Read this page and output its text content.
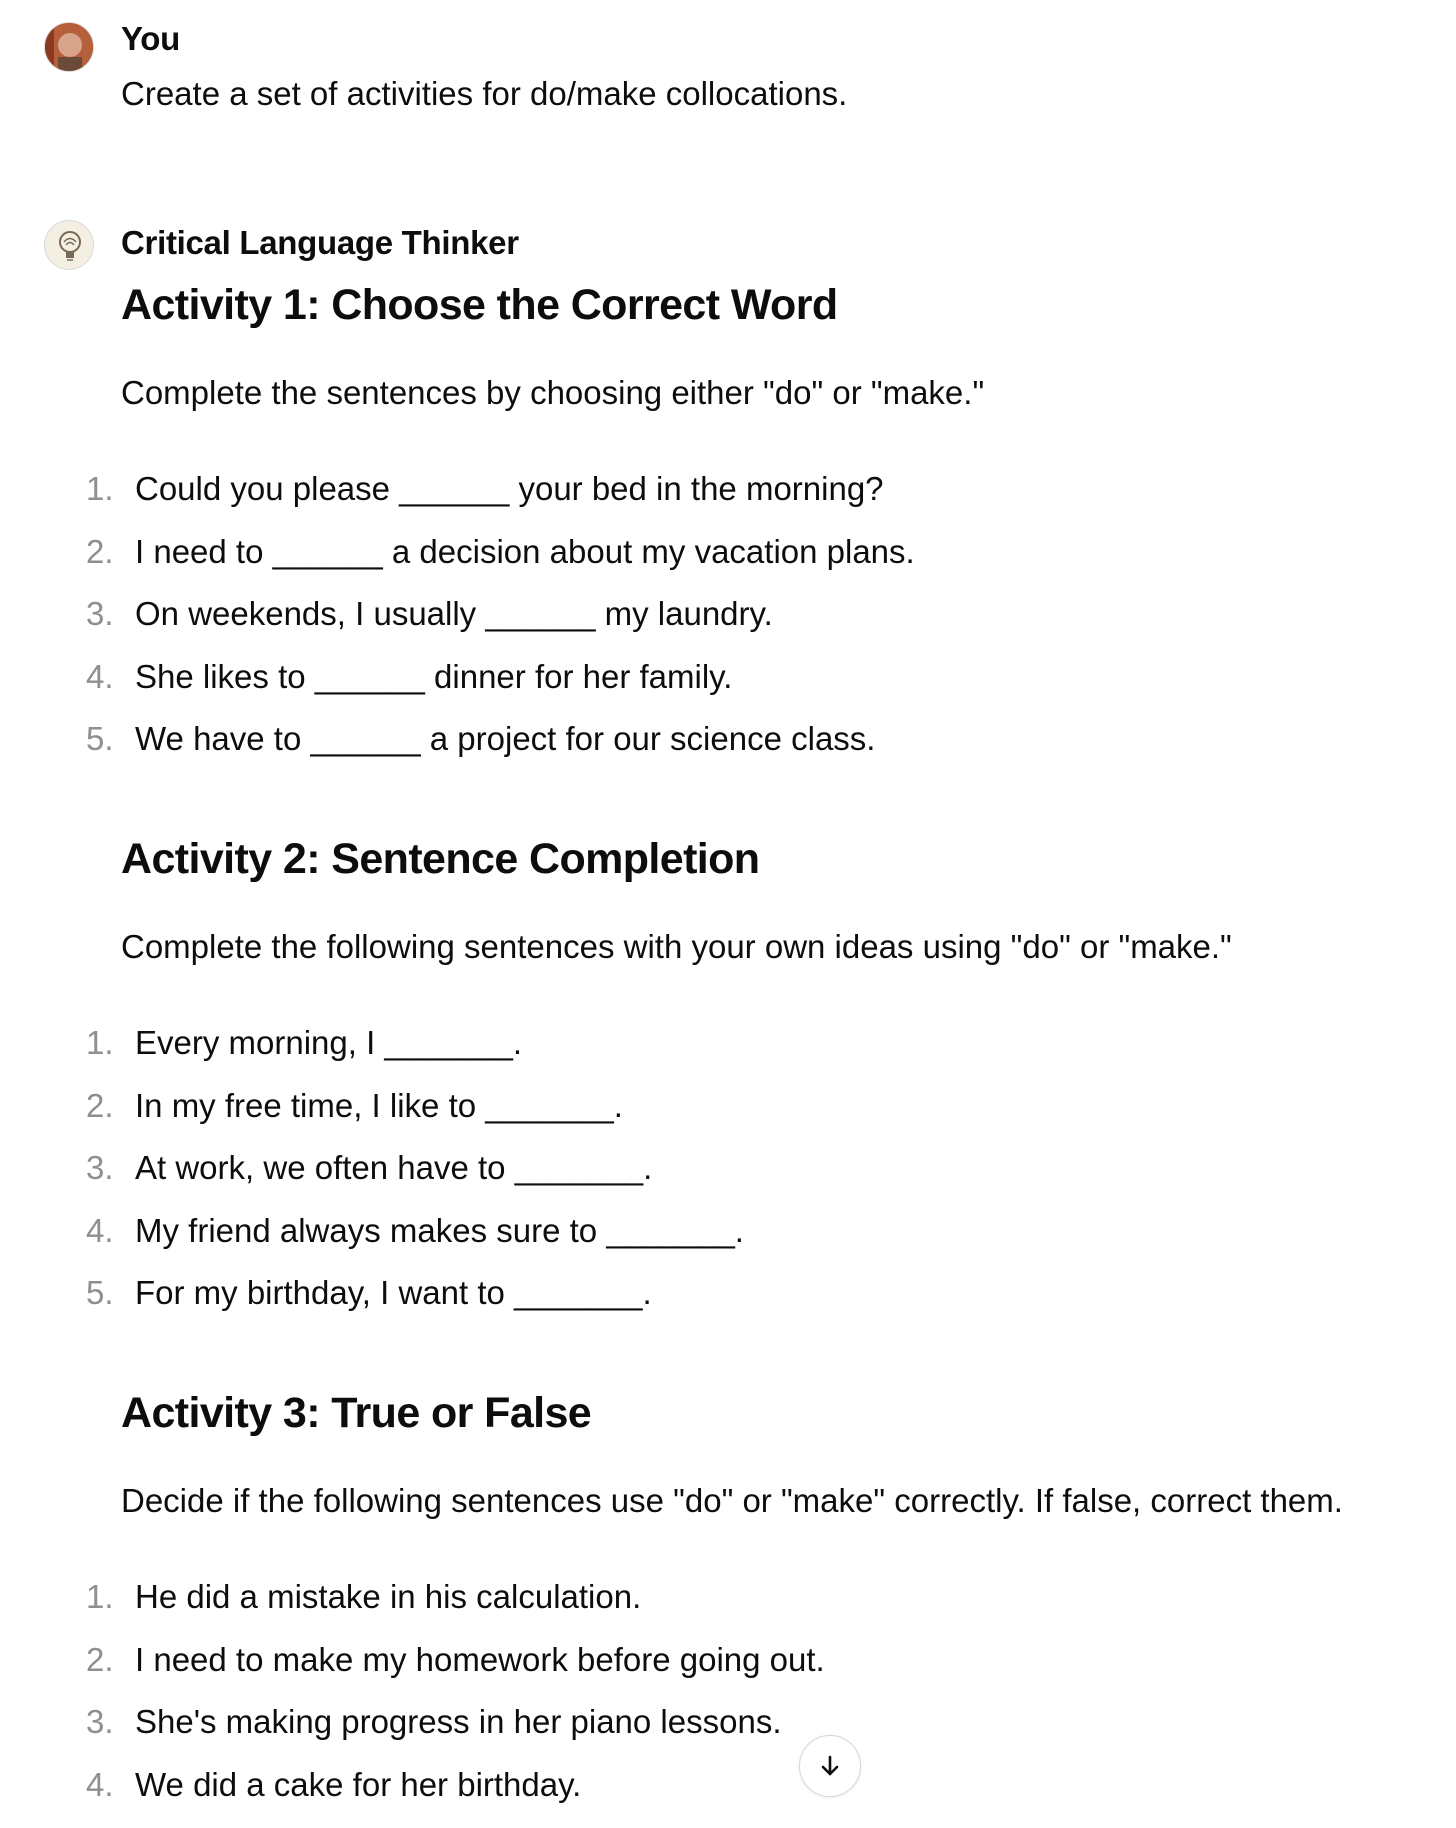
You
Create a set of activities for do/make collocations.
Critical Language Thinker
Activity 1: Choose the Correct Word
Complete the sentences by choosing either "do" or "make."
1. Could you please ______ your bed in the morning?
2. I need to ______ a decision about my vacation plans.
3. On weekends, I usually ______ my laundry.
4. She likes to ______ dinner for her family.
5. We have to ______ a project for our science class.
Activity 2: Sentence Completion
Complete the following sentences with your own ideas using "do" or "make."
1. Every morning, I _______.
2. In my free time, I like to _______.
3. At work, we often have to _______.
4. My friend always makes sure to _______.
5. For my birthday, I want to _______.
Activity 3: True or False
Decide if the following sentences use "do" or "make" correctly. If false, correct them.
1. He did a mistake in his calculation.
2. I need to make my homework before going out.
3. She's making progress in her piano lessons.
4. We did a cake for her birthday.
